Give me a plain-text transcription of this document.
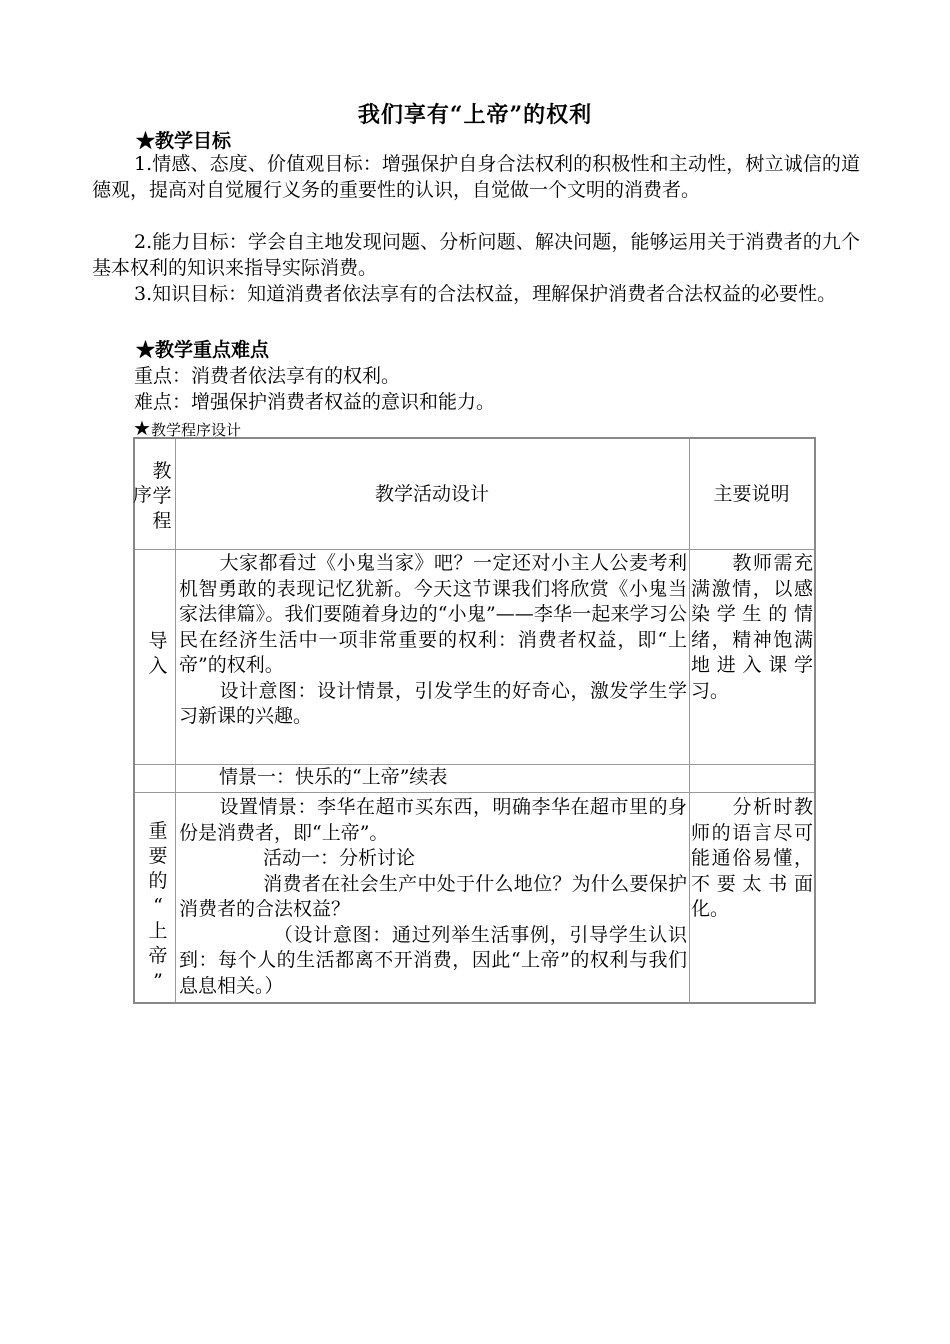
我们享有“上帝”的权利
★教学目标
1.情感、态度、价值观目标：增强保护自身合法权利的积极性和主动性，树立诚信的道德观，提高对自觉履行义务的重要性的认识，自觉做一个文明的消费者。
2.能力目标：学会自主地发现问题、分析问题、解决问题，能够运用关于消费者的九个基本权利的知识来指导实际消费。
3.知识目标：知道消费者依法享有的合法权益，理解保护消费者合法权益的必要性。
★教学重点难点
重点：消费者依法享有的权利。
难点：增强保护消费者权益的意识和能力。
★教学程序设计
教
学
程
序	教学活动设计	主要说明
导
入
大家都看过《小鬼当家》吧？一定还对小主人公麦考利机智勇敢的表现记忆犹新。今天这节课我们将欣赏《小鬼当家法律篇》。我们要随着身边的“小鬼”——李华一起来学习公民在经济生活中一项非常重要的权利：消费者权益，即“上帝”的权利。
设计意图：设计情景，引发学生的好奇心，激发学生学习新课的兴趣。
教师需充满激情，以感染学生的情绪，精神饱满地进入课学习。
情景一：快乐的“上帝”续表
重
要
的
“
上
帝
”
设置情景：李华在超市买东西，明确李华在超市里的身份是消费者，即“上帝”。
活动一：分析讨论
消费者在社会生产中处于什么地位？为什么要保护消费者的合法权益？
（设计意图：通过列举生活事例，引导学生认识到：每个人的生活都离不开消费，因此“上帝”的权利与我们息息相关。）
分析时教师的语言尽可能通俗易懂，不要太书面化。
